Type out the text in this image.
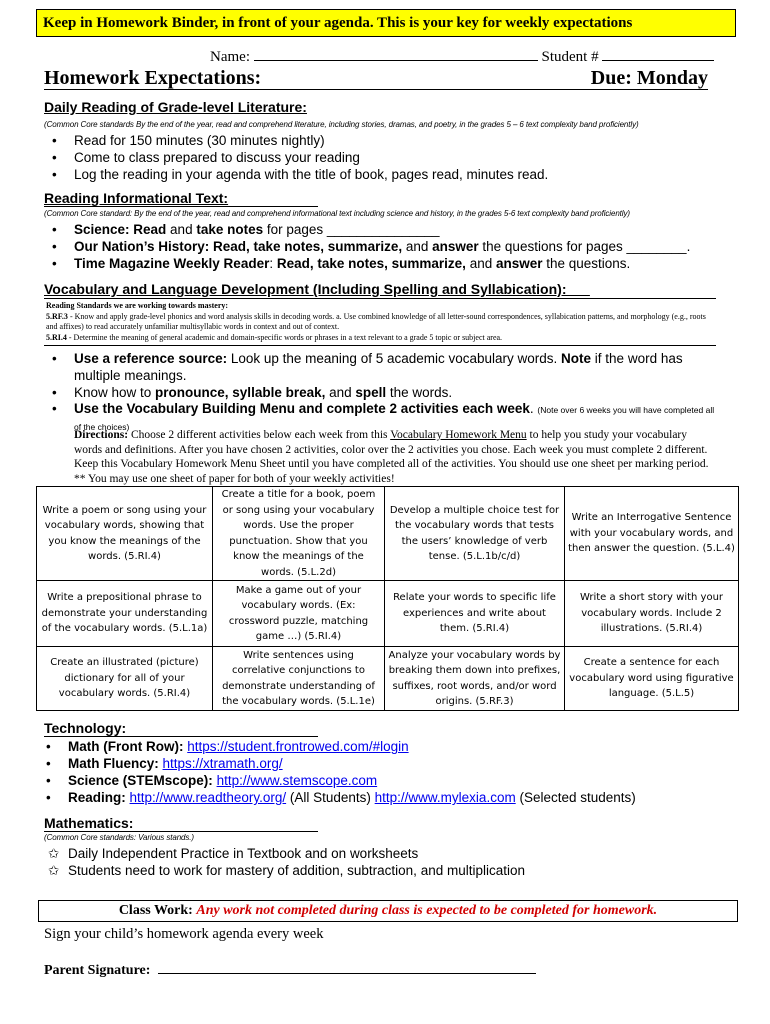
Keep in Homework Binder, in front of your agenda. This is your key for weekly expectations
Name:	Student #
Homework Expectations:	Due: Monday
Daily Reading of Grade-level Literature:
(Common Core standards By the end of the year, read and comprehend literature, including stories, dramas, and poetry, in the grades 5 – 6 text complexity band proficiently)
• Read for 150 minutes (30 minutes nightly)
• Come to class prepared to discuss your reading
• Log the reading in your agenda with the title of book, pages read, minutes read.
Reading Informational Text:
(Common Core standard: By the end of the year, read and comprehend informational text including science and history, in the grades 5-6 text complexity band proficiently)
• Science: Read and take notes for pages _______________
• Our Nation’s History: Read, take notes, summarize, and answer the questions for pages ________.
• Time Magazine Weekly Reader: Read, take notes, summarize, and answer the questions.
Vocabulary and Language Development (Including Spelling and Syllabication):___
Reading Standards we are working towards mastery:
5.RF.3 - Know and apply grade-level phonics and word analysis skills in decoding words. a. Use combined knowledge of all letter-sound correspondences, syllabication patterns, and morphology (e.g., roots and affixes) to read accurately unfamiliar multisyllabic words in context and out of context.
5.RI.4 - Determine the meaning of general academic and domain-specific words or phrases in a text relevant to a grade 5 topic or subject area.
• Use a reference source: Look up the meaning of 5 academic vocabulary words. Note if the word has multiple meanings.
• Know how to pronounce, syllable break, and spell the words.
• Use the Vocabulary Building Menu and complete 2 activities each week. (Note over 6 weeks you will have completed all of the choices)
Directions: Choose 2 different activities below each week from this Vocabulary Homework Menu to help you study your vocabulary words and definitions. After you have chosen 2 activities, color over the 2 activities you chose. Each week you must complete 2 different. Keep this Vocabulary Homework Menu Sheet until you have completed all of the activities. You should use one sheet per marking period. ** You may use one sheet of paper for both of your weekly activities!
Write a poem or song using your vocabulary words, showing that you know the meanings of the words. (5.RI.4)	Create a title for a book, poem or song using your vocabulary words. Use the proper punctuation. Show that you know the meanings of the words. (5.L.2d)	Develop a multiple choice test for the vocabulary words that tests the users’ knowledge of verb tense. (5.L.1b/c/d)	Write an Interrogative Sentence with your vocabulary words, and then answer the question. (5.L.4)
Write a prepositional phrase to demonstrate your understanding of the vocabulary words. (5.L.1a)	Make a game out of your vocabulary words. (Ex: crossword puzzle, matching game …) (5.RI.4)	Relate your words to specific life experiences and write about them. (5.RI.4)	Write a short story with your vocabulary words. Include 2 illustrations. (5.RI.4)
Create an illustrated (picture) dictionary for all of your vocabulary words. (5.RI.4)	Write sentences using correlative conjunctions to demonstrate understanding of the vocabulary words. (5.L.1e)	Analyze your vocabulary words by breaking them down into prefixes, suffixes, root words, and/or word origins. (5.RF.3)	Create a sentence for each vocabulary word using figurative language. (5.L.5)
Technology:
• Math (Front Row): https://student.frontrowed.com/#login
• Math Fluency: https://xtramath.org/
• Science (STEMscope): http://www.stemscope.com
• Reading: http://www.readtheory.org/ (All Students) http://www.mylexia.com (Selected students)
Mathematics:
(Common Core standards: Various stands.)
✩ Daily Independent Practice in Textbook and on worksheets
✩ Students need to work for mastery of addition, subtraction, and multiplication
Class Work: Any work not completed during class is expected to be completed for homework.
Sign your child’s homework agenda every week
Parent Signature:
